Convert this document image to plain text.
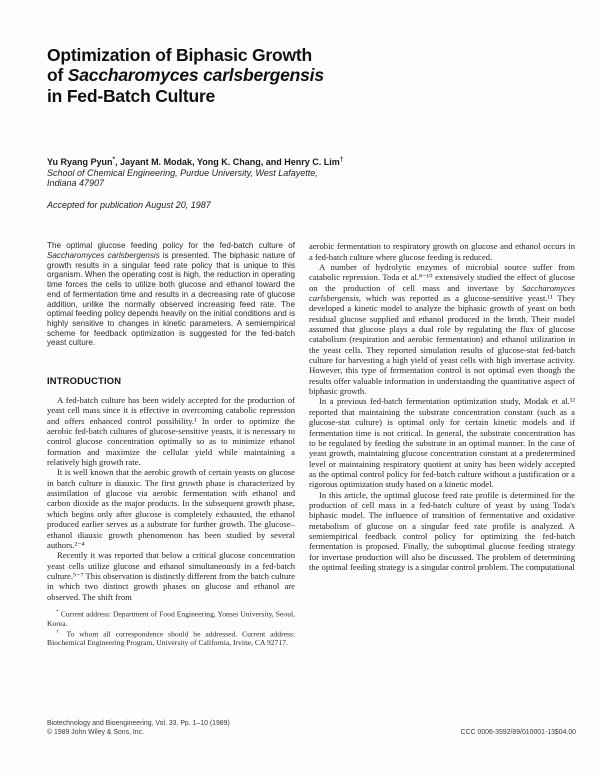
Optimization of Biphasic Growth
of Saccharomyces carlsbergensis
in Fed-Batch Culture

Yu Ryang Pyun*, Jayant M. Modak, Yong K. Chang, and Henry C. Lim†

School of Chemical Engineering, Purdue University, West Lafayette, Indiana 47907

Accepted for publication August 20, 1987

The optimal glucose feeding policy for the fed-batch culture of Saccharomyces carlsbergensis is presented. The biphasic nature of growth results in a singular feed rate policy that is unique to this organism. When the operating cost is high, the reduction in operating time forces the cells to utilize both glucose and ethanol toward the end of fermentation time and results in a decreasing rate of glucose addition, unlike the normally observed increasing feed rate. The optimal feeding policy depends heavily on the initial conditions and is highly sensitive to changes in kinetic parameters. A semiempirical scheme for feedback optimization is suggested for the fed-batch yeast culture.

INTRODUCTION

A fed-batch culture has been widely accepted for the production of yeast cell mass since it is effective in overcoming catabolic repression and offers enhanced control possibility.¹ In order to optimize the aerobic fed-batch cultures of glucose-sensitive yeasts, it is necessary to control glucose concentration optimally so as to minimize ethanol formation and maximize the cellular yield while maintaining a relatively high growth rate.

It is well known that the aerobic growth of certain yeasts on glucose in batch culture is diauxic. The first growth phase is characterized by assimilation of glucose via aerobic fermentation with ethanol and carbon dioxide as the major products. In the subsequent growth phase, which begins only after glucose is completely exhausted, the ethanol produced earlier serves as a substrate for further growth. The glucose–ethanol diauxic growth phenomenon has been studied by several authors.²⁻⁴

Recently it was reported that below a critical glucose concentration yeast cells utilize glucose and ethanol simultaneously in a fed-batch culture.⁵⁻⁷ This observation is distinctly different from the batch culture in which two distinct growth phases on glucose and ethanol are observed. The shift from

* Current address: Department of Food Engineering, Yonsei University, Seoul, Korea.

† To whom all correspondence should be addressed. Current address: Biochemical Engineering Program, University of California, Irvine, CA 92717.

aerobic fermentation to respiratory growth on glucose and ethanol occurs in a fed-batch culture where glucose feeding is reduced.

A number of hydrolytic enzymes of microbial source suffer from catabolic repression. Toda et al.⁸⁻¹⁰ extensively studied the effect of glucose on the production of cell mass and invertase by Saccharomyces carlsbergensis, which was reported as a glucose-sensitive yeast.¹¹ They developed a kinetic model to analyze the biphasic growth of yeast on both residual glucose supplied and ethanol produced in the broth. Their model assumed that glucose plays a dual role by regulating the flux of glucose catabolism (respiration and aerobic fermentation) and ethanol utilization in the yeast cells. They reported simulation results of glucose-stat fed-batch culture for harvesting a high yield of yeast cells with high invertase activity. However, this type of fermentation control is not optimal even though the results offer valuable information in understanding the quantitative aspect of biphasic growth.

In a previous fed-batch fermentation optimization study, Modak et al.¹² reported that maintaining the substrate concentration constant (such as a glucose-stat culture) is optimal only for certain kinetic models and if fermentation time is not critical. In general, the substrate concentration has to be regulated by feeding the substrate in an optimal manner. In the case of yeast growth, maintaining glucose concentration constant at a predetermined level or maintaining respiratory quotient at unity has been widely accepted as the optimal control policy for fed-batch culture without a justification or a rigorous optimization study based on a kinetic model.

In this article, the optimal glucose feed rate profile is determined for the production of cell mass in a fed-batch culture of yeast by using Toda's biphasic model. The influence of transition of fermentative and oxidative metabolism of glucose on a singular feed rate profile is analyzed. A semiempirical feedback control policy for optimizing the fed-batch fermentation is proposed. Finally, the suboptimal glucose feeding strategy for invertase production will also be discussed. The problem of determining the optimal feeding strategy is a singular control problem. The computational

Biotechnology and Bioengineering, Vol. 33, Pp. 1–10 (1989)
© 1989 John Wiley & Sons, Inc.	CCC 0006-3592/89/010001-13$04.00
